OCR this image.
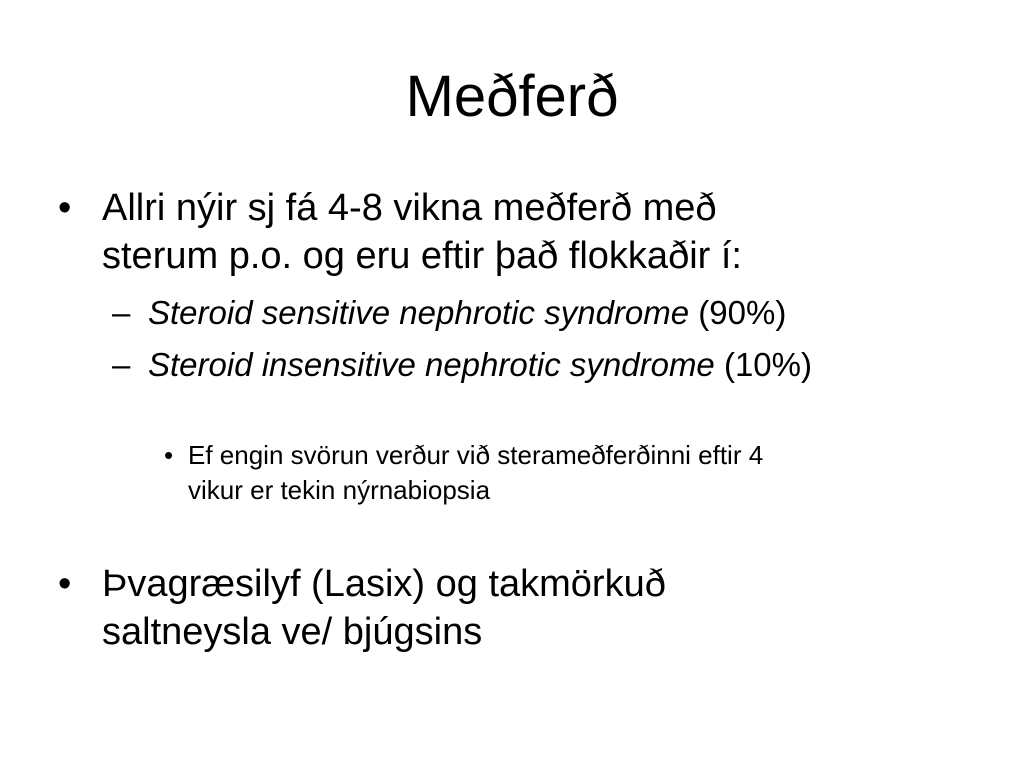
Meðferð
• Allri nýir sj fá 4-8 vikna meðferð með
sterum p.o. og eru eftir það flokkaðir í:
– Steroid sensitive nephrotic syndrome (90%)
– Steroid insensitive nephrotic syndrome (10%)
• Ef engin svörun verður við sterameðferðinni eftir 4
vikur er tekin nýrnabiopsia
• Þvagræsilyf (Lasix) og takmörkuð
saltneysla ve/ bjúgsins
